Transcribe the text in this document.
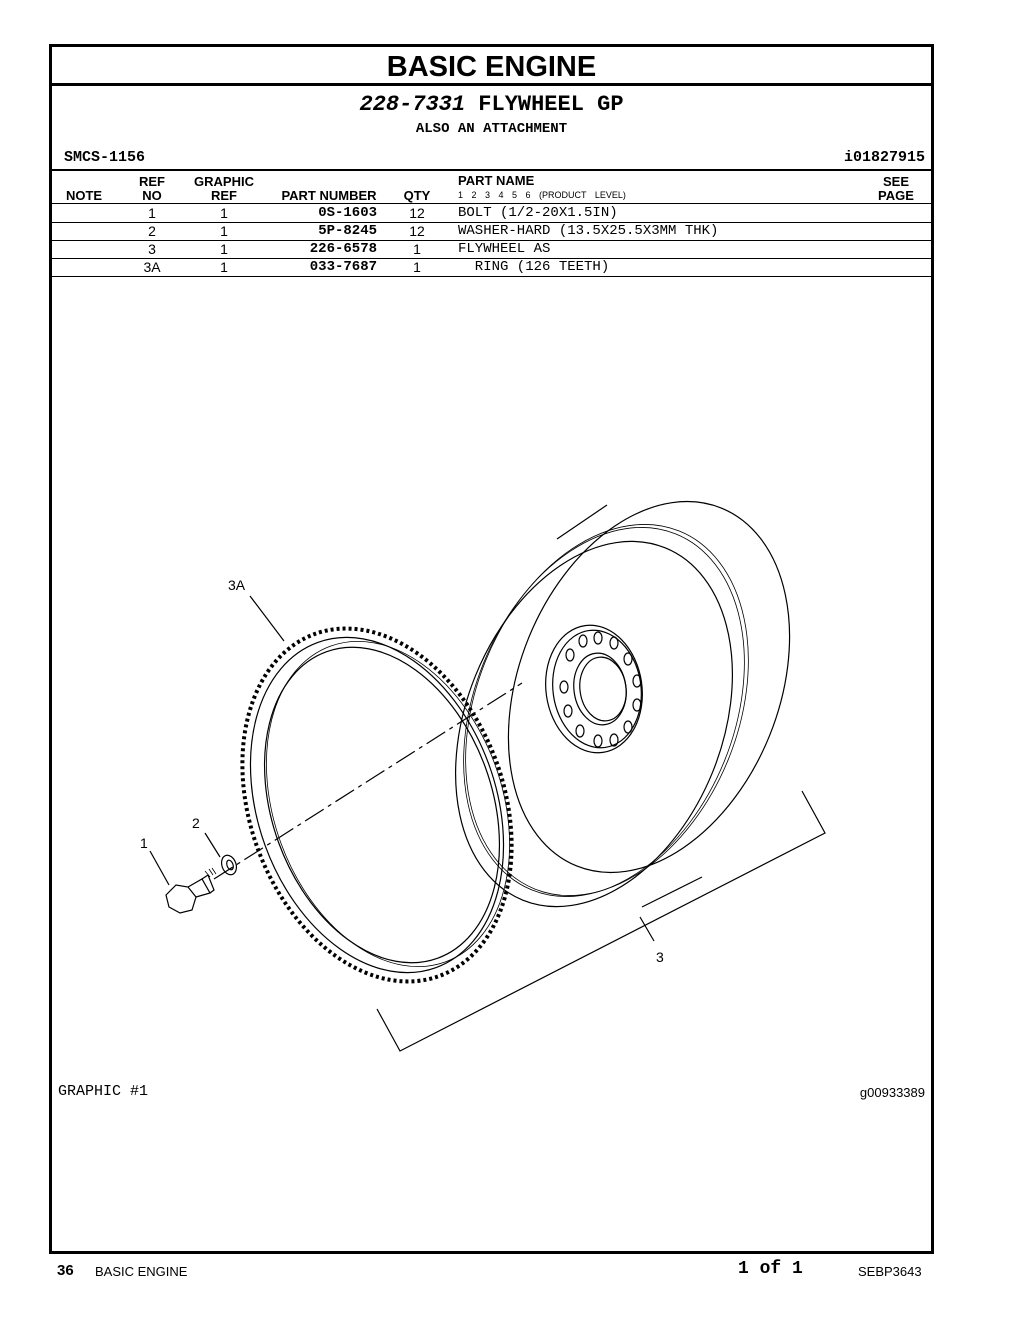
BASIC ENGINE
228-7331 FLYWHEEL GP
ALSO AN ATTACHMENT
SMCS-1156	i01827915
NOTE
REF
NO
GRAPHIC
REF	PART NUMBER	QTY
PART NAME
1 2 3 4 5 6 (PRODUCT LEVEL)
SEE
PAGE
1	1	0S-1603	12	BOLT (1/2-20X1.5IN)
2	1	5P-8245	12	WASHER-HARD (13.5X25.5X3MM THK)
3	1	226-6578	1	FLYWHEEL AS
3A	1	033-7687	1	RING (126 TEETH)
3A
2
1
3
GRAPHIC #1	g00933389
36 BASIC ENGINE	1 of 1	SEBP3643
